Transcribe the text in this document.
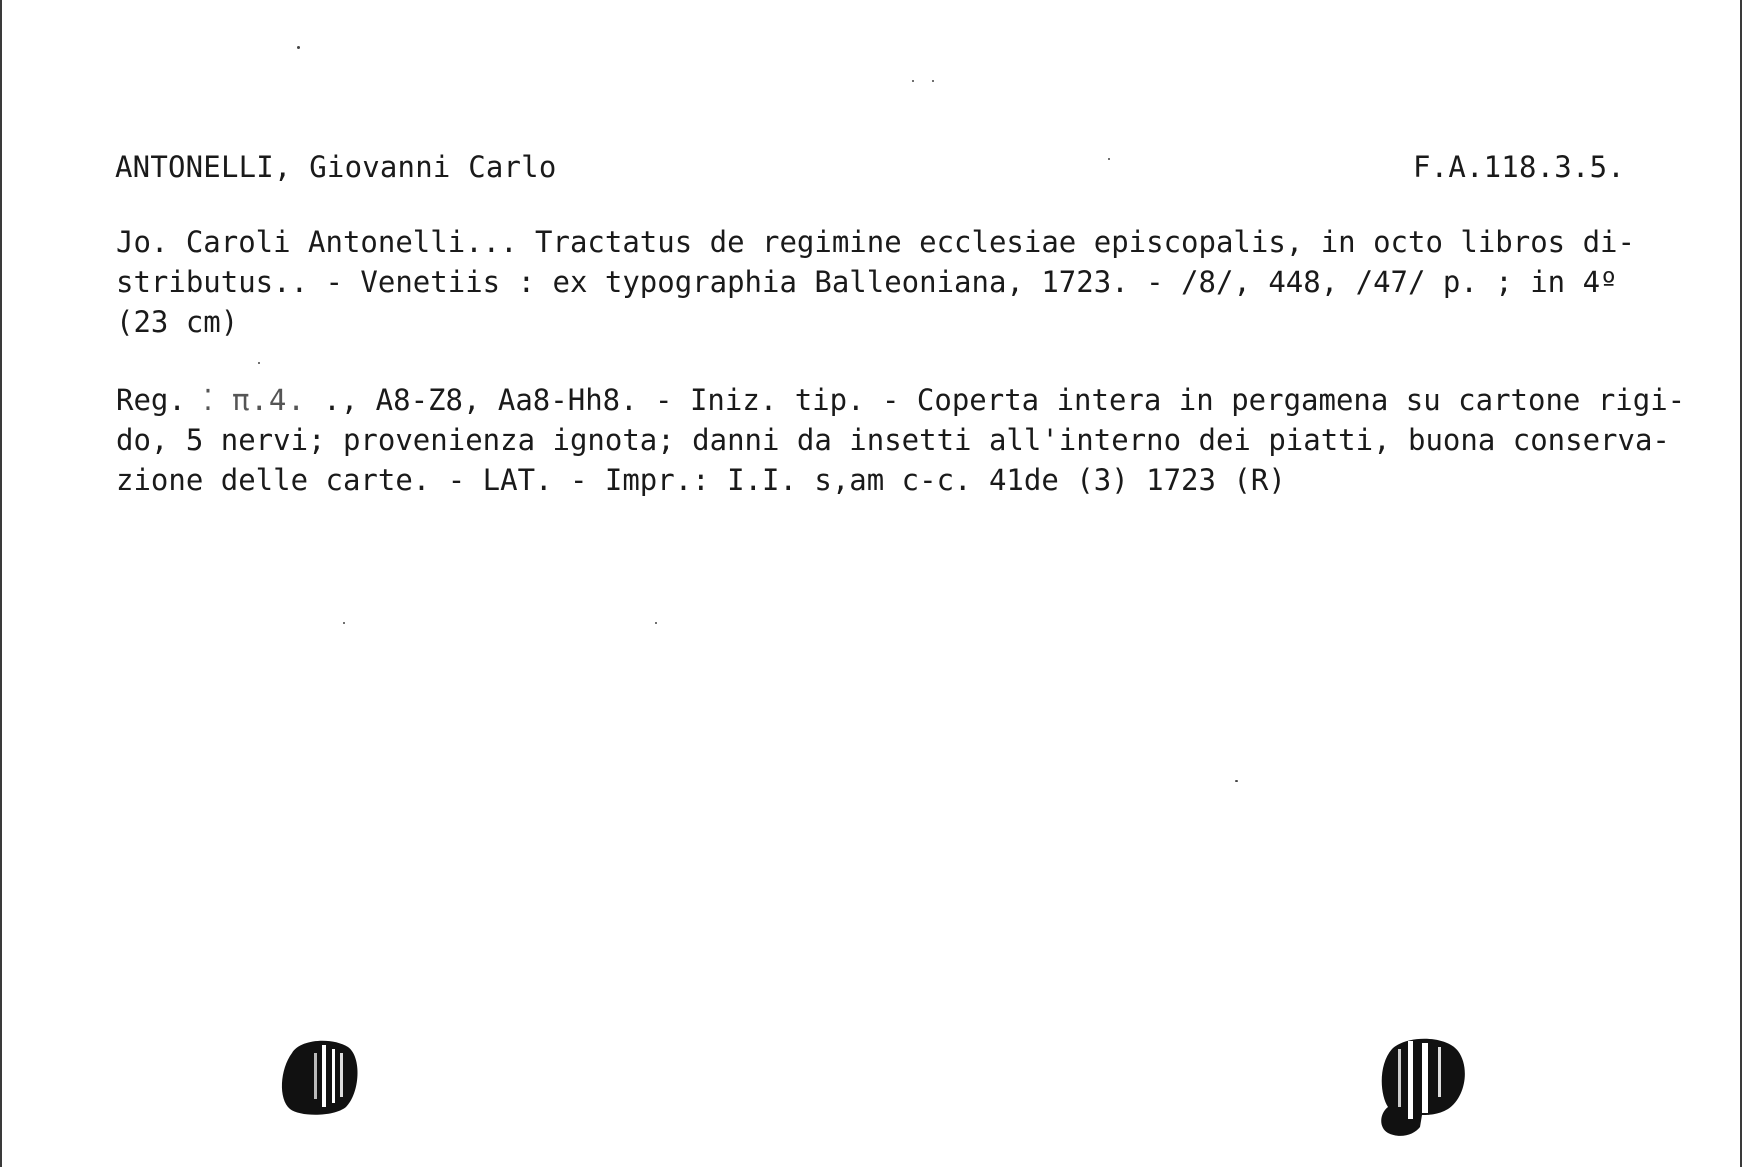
ANTONELLI, Giovanni Carlo	F.A.118.3.5.
Jo. Caroli Antonelli... Tractatus de regimine ecclesiae episcopalis, in octo libros di-
stributus.. - Venetiis : ex typographia Balleoniana, 1723. - /8/, 448, /47/ p. ; in 4º
(23 cm)
Reg. ⁚ π.4. ., A8-Z8, Aa8-Hh8. - Iniz. tip. - Coperta intera in pergamena su cartone rigi-
do, 5 nervi; provenienza ignota; danni da insetti all'interno dei piatti, buona conserva-
zione delle carte. - LAT. - Impr.: I.I. s,am c-c. 41de (3) 1723 (R)
